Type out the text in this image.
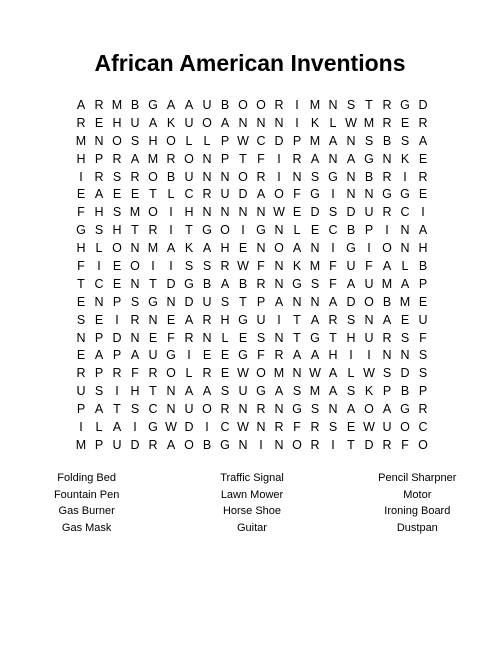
African American Inventions
A R M B G A A U B O O R I M N S T R G D
R E H U A K U O A N N N I K L W M R E R
M N O S H O L L P W C D P M A N S B S A
H P R A M R O N P T F I R A N A G N K E
I R S R O B U N N O R I N S G N B R I R
E A E E T L C R U D A O F G I N N G G E
F H S M O I H N N N N W E D S D U R C I
G S H T R I T G O I G N L E C B P I N A
H L O N M A K A H E N O A N I G I O N H
F I E O I	I S S R W F N K M F U F A L B
T C E N T D G B A B R N G S F A U M A P
E N P S G N D U S T P A N N A D O B M E
S E I R N E A R H G U I T A R S N A E U
N P D N E F R N L E S N T G T H U R S F
E A P A U G I E E G F R A A H I	I N N S
R P R F R O L R E W O M N W A L W S D S
U S I H T N A A S U G A S M A S K P B P
P A T S C N U O R N R N G S N A O A G R
I	L A I G W D I C W N R F R S E W U O C
M P U D R A O B G N I N O R I T D R F O
Folding Bed
Fountain Pen
Gas Burner
Gas Mask
Traffic Signal
Lawn Mower
Horse Shoe
Guitar
Pencil Sharpner
Motor
Ironing Board
Dustpan
